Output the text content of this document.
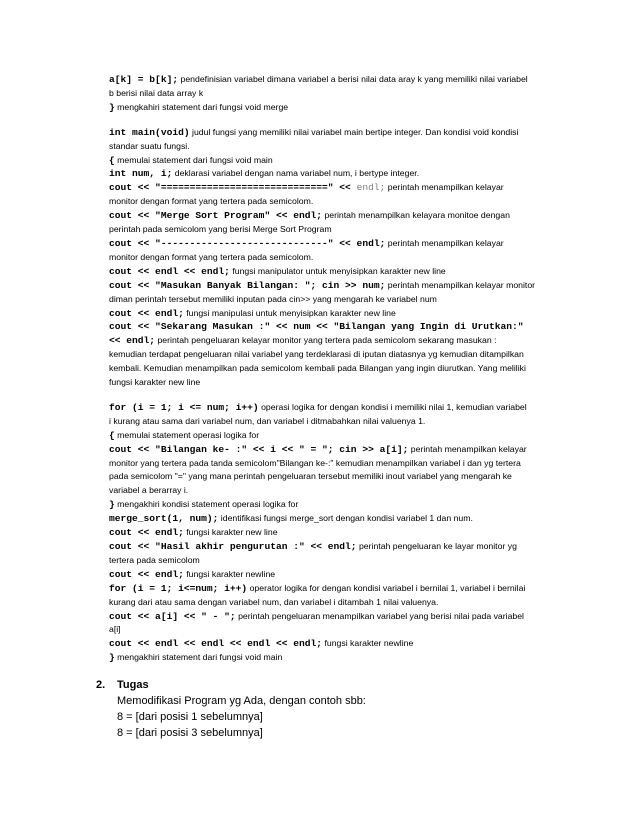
a[k] = b[k]; pendefinisian variabel dimana variabel a berisi nilai data aray k yang memiliki nilai variabel
b berisi nilai data array k
} mengkahiri statement dari fungsi void merge
int main(void) judul fungsi yang memiliki nilai variabel main bertipe integer. Dan kondisi void kondisi
standar suatu fungsi.
{ memulai statement dari fungsi void main
int num, i; deklarasi variabel dengan nama variabel num, i bertype integer.
cout << "=============================" << endl; perintah menampilkan kelayar
monitor dengan format yang tertera pada semicolom.
cout << "Merge Sort Program" << endl; perintah menampilkan kelayara monitoe dengan
perintah pada semicolom yang berisi Merge Sort Program
cout << "-----------------------------" << endl; perintah menampilkan kelayar
monitor dengan format yang tertera pada semicolom.
cout << endl << endl; fungsi manipulator untuk menyisipkan karakter new line
cout << "Masukan Banyak Bilangan: "; cin >> num; perintah menampilkan kelayar monitor
diman perintah tersebut memiliki inputan pada cin>> yang mengarah ke variabel num
cout << endl; fungsi manipulasi untuk menyisipkan karakter new line
cout << "Sekarang Masukan :" << num << "Bilangan yang Ingin di Urutkan:"
<< endl; perintah pengeluaran kelayar monitor yang tertera pada semicolom sekarang masukan :
kemudian terdapat pengeluaran nilai variabel yang terdeklarasi di iputan diatasnya yg kemudian ditampilkan
kembali. Kemudian menampilkan pada semicolom kembali pada Bilangan yang ingin diurutkan. Yang meliliki
fungsi karakter new line
for (i = 1; i <= num; i++) operasi logika for dengan kondisi i memiliki nilai 1, kemudian variabel
i kurang atau sama dari variabel num, dan variabel i ditmabahkan nilai valuenya 1.
{ memulai statement operasi logika for
cout << "Bilangan ke- :" << i << " = "; cin >> a[i]; perintah menampilkan kelayar
monitor yang tertera pada tanda semicolom"Bilangan ke-:" kemudian menampilkan variabel i dan yg tertera
pada semicolom "=" yang mana perintah pengeluaran tersebut memiliki inout variabel yang mengarah ke
variabel a berarray i.
} mengakhiri kondisi statement operasi logika for
merge_sort(1, num); identifikasi fungsi merge_sort dengan kondisi variabel 1 dan num.
cout << endl; fungsi karakter new line
cout << "Hasil akhir pengurutan :" << endl; perintah pengeluaran ke layar monitor yg
tertera pada semicolom
cout << endl; fungsi karakter newline
for (i = 1; i<=num; i++) operator logika for dengan kondisi variabel i bernilai 1, variabel i bernilai
kurang dari atau sama dengan variabel num, dan variabel i ditambah 1 nilai valuenya.
cout << a[i] << " - "; perintah pengeluaran menampilkan variabel yang berisi nilai pada variabel
a[i]
cout << endl << endl << endl << endl; fungsi karakter newline
} mengakhiri statement dari fungsi void main
2. Tugas
Memodifikasi Program yg Ada, dengan contoh sbb:
8 = [dari posisi 1 sebelumnya]
8 = [dari posisi 3 sebelumnya]
